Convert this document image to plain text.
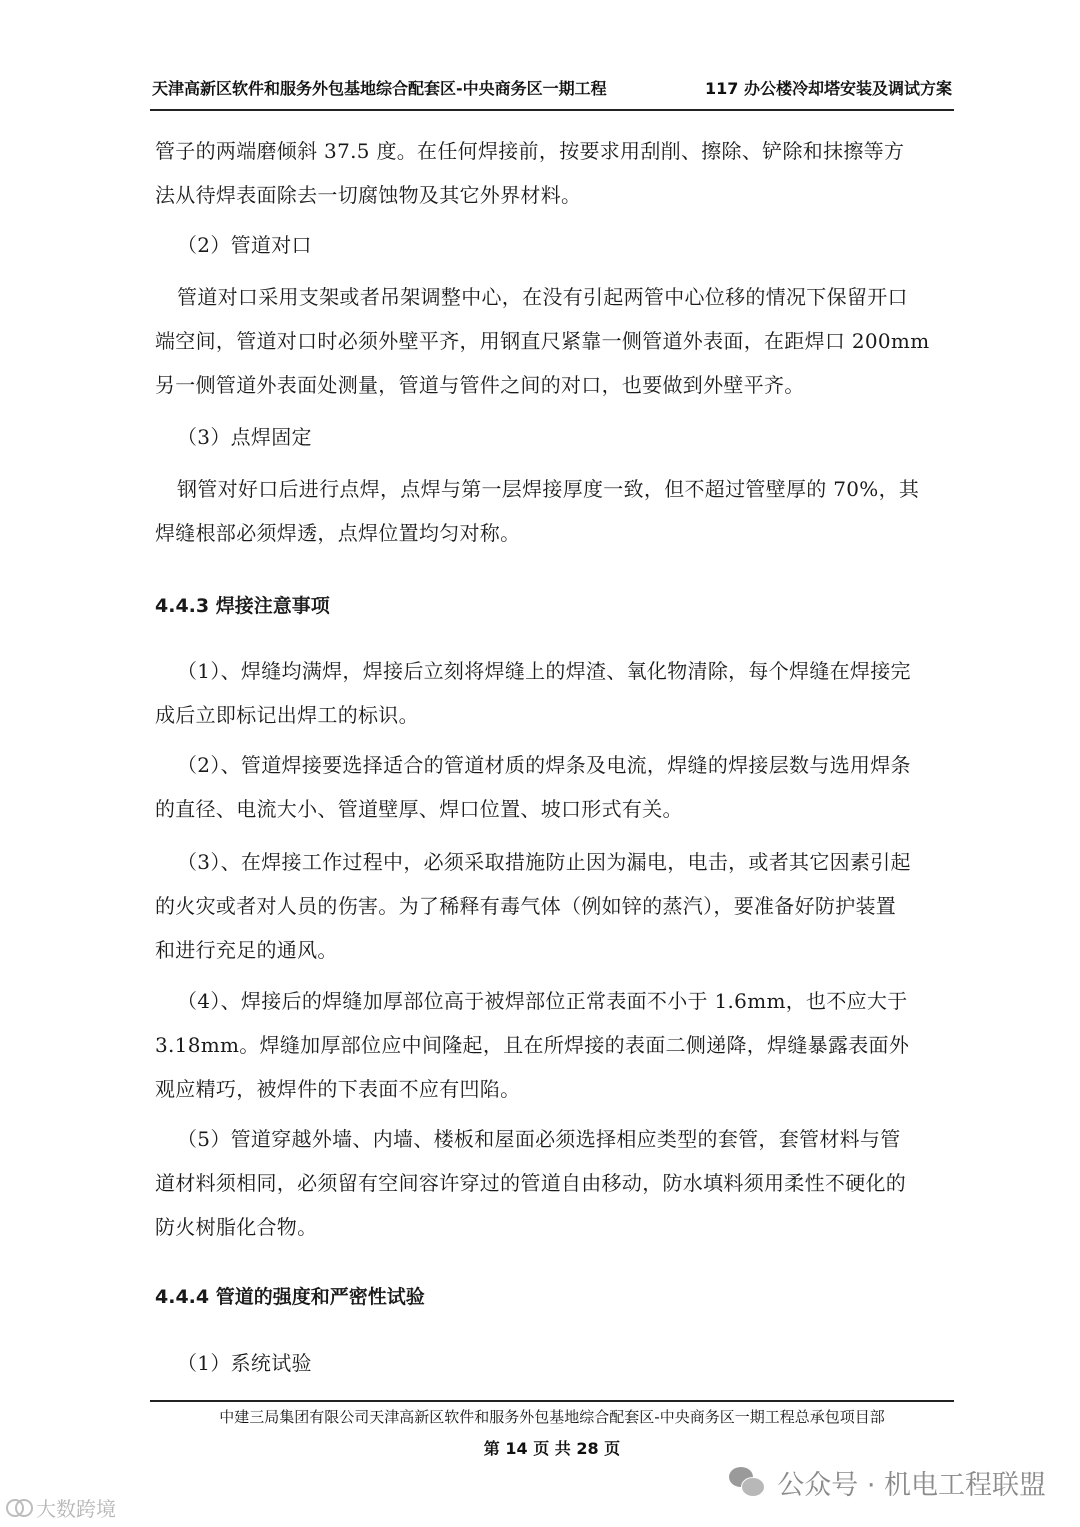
天津高新区软件和服务外包基地综合配套区-中央商务区一期工程	117 办公楼冷却塔安装及调试方案
管子的两端磨倾斜 37.5 度。在任何焊接前，按要求用刮削、擦除、铲除和抹擦等方
法从待焊表面除去一切腐蚀物及其它外界材料。
（2）管道对口
管道对口采用支架或者吊架调整中心，在没有引起两管中心位移的情况下保留开口
端空间，管道对口时必须外壁平齐，用钢直尺紧靠一侧管道外表面，在距焊口 200mm
另一侧管道外表面处测量，管道与管件之间的对口，也要做到外壁平齐。
（3）点焊固定
钢管对好口后进行点焊，点焊与第一层焊接厚度一致，但不超过管壁厚的 70%，其
焊缝根部必须焊透，点焊位置均匀对称。
4.4.3 焊接注意事项
（1）、焊缝均满焊，焊接后立刻将焊缝上的焊渣、氧化物清除，每个焊缝在焊接完
成后立即标记出焊工的标识。
（2）、管道焊接要选择适合的管道材质的焊条及电流，焊缝的焊接层数与选用焊条
的直径、电流大小、管道壁厚、焊口位置、坡口形式有关。
（3）、在焊接工作过程中，必须采取措施防止因为漏电，电击，或者其它因素引起
的火灾或者对人员的伤害。为了稀释有毒气体（例如锌的蒸汽），要准备好防护装置
和进行充足的通风。
（4）、焊接后的焊缝加厚部位高于被焊部位正常表面不小于 1.6mm，也不应大于
3.18mm。焊缝加厚部位应中间隆起，且在所焊接的表面二侧递降，焊缝暴露表面外
观应精巧，被焊件的下表面不应有凹陷。
（5）管道穿越外墙、内墙、楼板和屋面必须选择相应类型的套管，套管材料与管
道材料须相同，必须留有空间容许穿过的管道自由移动，防水填料须用柔性不硬化的
防火树脂化合物。
4.4.4 管道的强度和严密性试验
（1）系统试验
中建三局集团有限公司天津高新区软件和服务外包基地综合配套区-中央商务区一期工程总承包项目部
第 14 页 共 28 页
公众号 · 机电工程联盟
大数跨境
